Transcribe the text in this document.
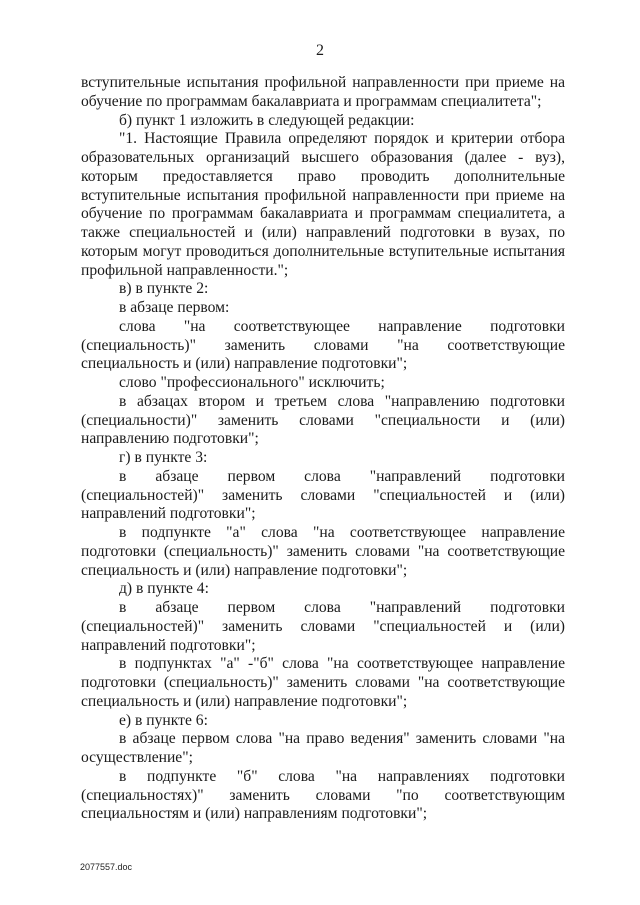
2

вступительные испытания профильной направленности при приеме на обучение по программам бакалавриата и программам специалитета";

б) пункт 1 изложить в следующей редакции:

"1. Настоящие Правила определяют порядок и критерии отбора образовательных организаций высшего образования (далее - вуз), которым предоставляется право проводить дополнительные вступительные испытания профильной направленности при приеме на обучение по программам бакалавриата и программам специалитета, а также специальностей и (или) направлений подготовки в вузах, по которым могут проводиться дополнительные вступительные испытания профильной направленности.";

в) в пункте 2:

в абзаце первом:

слова "на соответствующее направление подготовки (специальность)" заменить словами "на соответствующие специальность и (или) направление подготовки";

слово "профессионального" исключить;

в абзацах втором и третьем слова "направлению подготовки (специальности)" заменить словами "специальности и (или) направлению подготовки";

г) в пункте 3:

в абзаце первом слова "направлений подготовки (специальностей)" заменить словами "специальностей и (или) направлений подготовки";

в подпункте "а" слова "на соответствующее направление подготовки (специальность)" заменить словами "на соответствующие специальность и (или) направление подготовки";

д) в пункте 4:

в абзаце первом слова "направлений подготовки (специальностей)" заменить словами "специальностей и (или) направлений подготовки";

в подпунктах "а" -"б" слова "на соответствующее направление подготовки (специальность)" заменить словами "на соответствующие специальность и (или) направление подготовки";

е) в пункте 6:

в абзаце первом слова "на право ведения" заменить словами "на осуществление";

в подпункте "б" слова "на направлениях подготовки (специальностях)" заменить словами "по соответствующим специальностям и (или) направлениям подготовки";

2077557.doc
